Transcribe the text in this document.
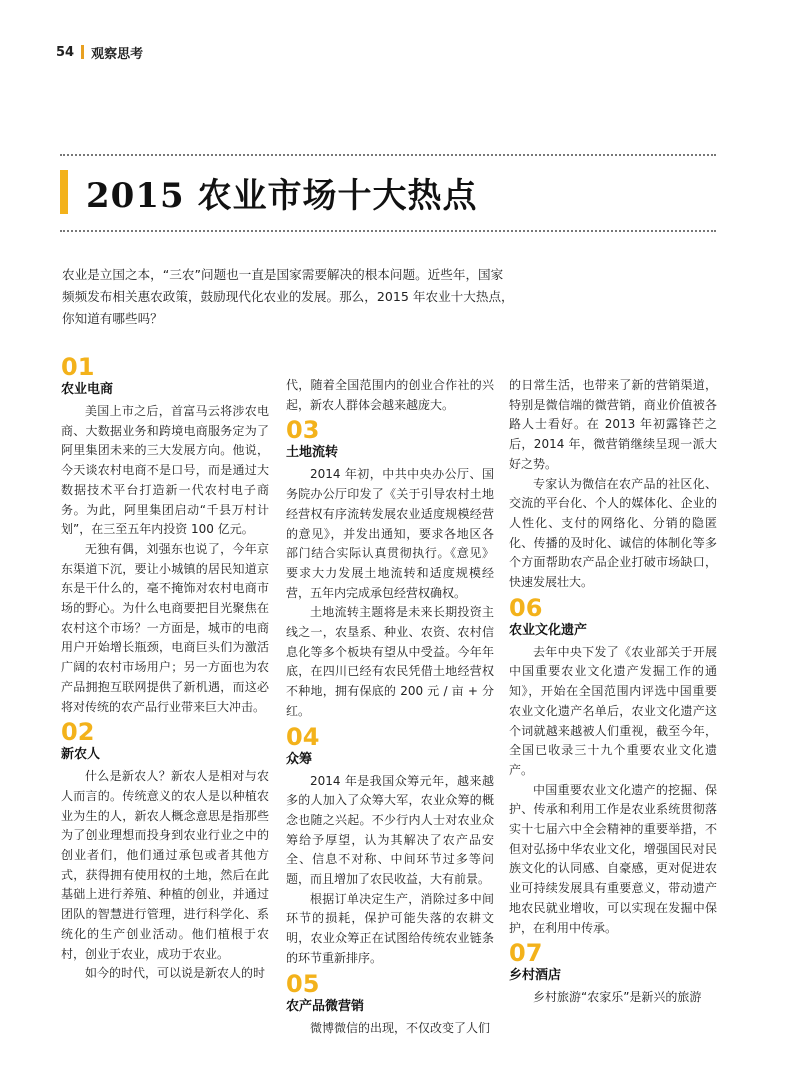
54 观察思考
2015 农业市场十大热点

农业是立国之本，“三农”问题也一直是国家需要解决的根本问题。近些年，国家

频频发布相关惠农政策，鼓励现代化农业的发展。那么，2015 年农业十大热点，

你知道有哪些吗？

01
农业电商

美国上市之后，首富马云将涉农电商、大数据业务和跨境电商服务定为了阿里集团未来的三大发展方向。他说，今天谈农村电商不是口号，而是通过大数据技术平台打造新一代农村电子商务。为此，阿里集团启动“千县万村计划”，在三至五年内投资 100 亿元。

无独有偶，刘强东也说了，今年京东渠道下沉，要让小城镇的居民知道京东是干什么的，毫不掩饰对农村电商市场的野心。为什么电商要把目光聚焦在农村这个市场？一方面是，城市的电商用户开始增长瓶颈，电商巨头们为激活广阔的农村市场用户；另一方面也为农产品拥抱互联网提供了新机遇，而这必将对传统的农产品行业带来巨大冲击。

02
新农人

什么是新农人？新农人是相对与农人而言的。传统意义的农人是以种植农业为生的人，新农人概念意思是指那些为了创业理想而投身到农业行业之中的创业者们，他们通过承包或者其他方式，获得拥有使用权的土地，然后在此基础上进行养殖、种植的创业，并通过团队的智慧进行管理，进行科学化、系统化的生产创业活动。他们植根于农村，创业于农业，成功于农业。

如今的时代，可以说是新农人的时

代，随着全国范围内的创业合作社的兴起，新农人群体会越来越庞大。

03
土地流转

2014 年初，中共中央办公厅、国务院办公厅印发了《关于引导农村土地经营权有序流转发展农业适度规模经营的意见》，并发出通知，要求各地区各部门结合实际认真贯彻执行。《意见》要求大力发展土地流转和适度规模经营，五年内完成承包经营权确权。

土地流转主题将是未来长期投资主线之一，农垦系、种业、农资、农村信息化等多个板块有望从中受益。今年年底，在四川已经有农民凭借土地经营权不种地，拥有保底的 200 元 / 亩 + 分红。

04
众筹

2014 年是我国众筹元年，越来越多的人加入了众筹大军，农业众筹的概念也随之兴起。不少行内人士对农业众筹给予厚望，认为其解决了农产品安全、信息不对称、中间环节过多等问题，而且增加了农民收益，大有前景。

根据订单决定生产，消除过多中间环节的损耗，保护可能失落的农耕文明，农业众筹正在试图给传统农业链条的环节重新排序。

05
农产品微营销

微博微信的出现，不仅改变了人们

的日常生活，也带来了新的营销渠道，特别是微信端的微营销，商业价值被各路人士看好。在 2013 年初露锋芒之后，2014 年，微营销继续呈现一派大好之势。

专家认为微信在农产品的社区化、交流的平台化、个人的媒体化、企业的人性化、支付的网络化、分销的隐匿化、传播的及时化、诚信的体制化等多个方面帮助农产品企业打破市场缺口，快速发展壮大。

06
农业文化遗产

去年中央下发了《农业部关于开展中国重要农业文化遗产发掘工作的通知》，开始在全国范围内评选中国重要农业文化遗产名单后，农业文化遗产这个词就越来越被人们重视，截至今年，全国已收录三十九个重要农业文化遗产。

中国重要农业文化遗产的挖掘、保护、传承和利用工作是农业系统贯彻落实十七届六中全会精神的重要举措，不但对弘扬中华农业文化，增强国民对民族文化的认同感、自豪感，更对促进农业可持续发展具有重要意义，带动遗产地农民就业增收，可以实现在发掘中保护，在利用中传承。

07
乡村酒店

乡村旅游“农家乐”是新兴的旅游
